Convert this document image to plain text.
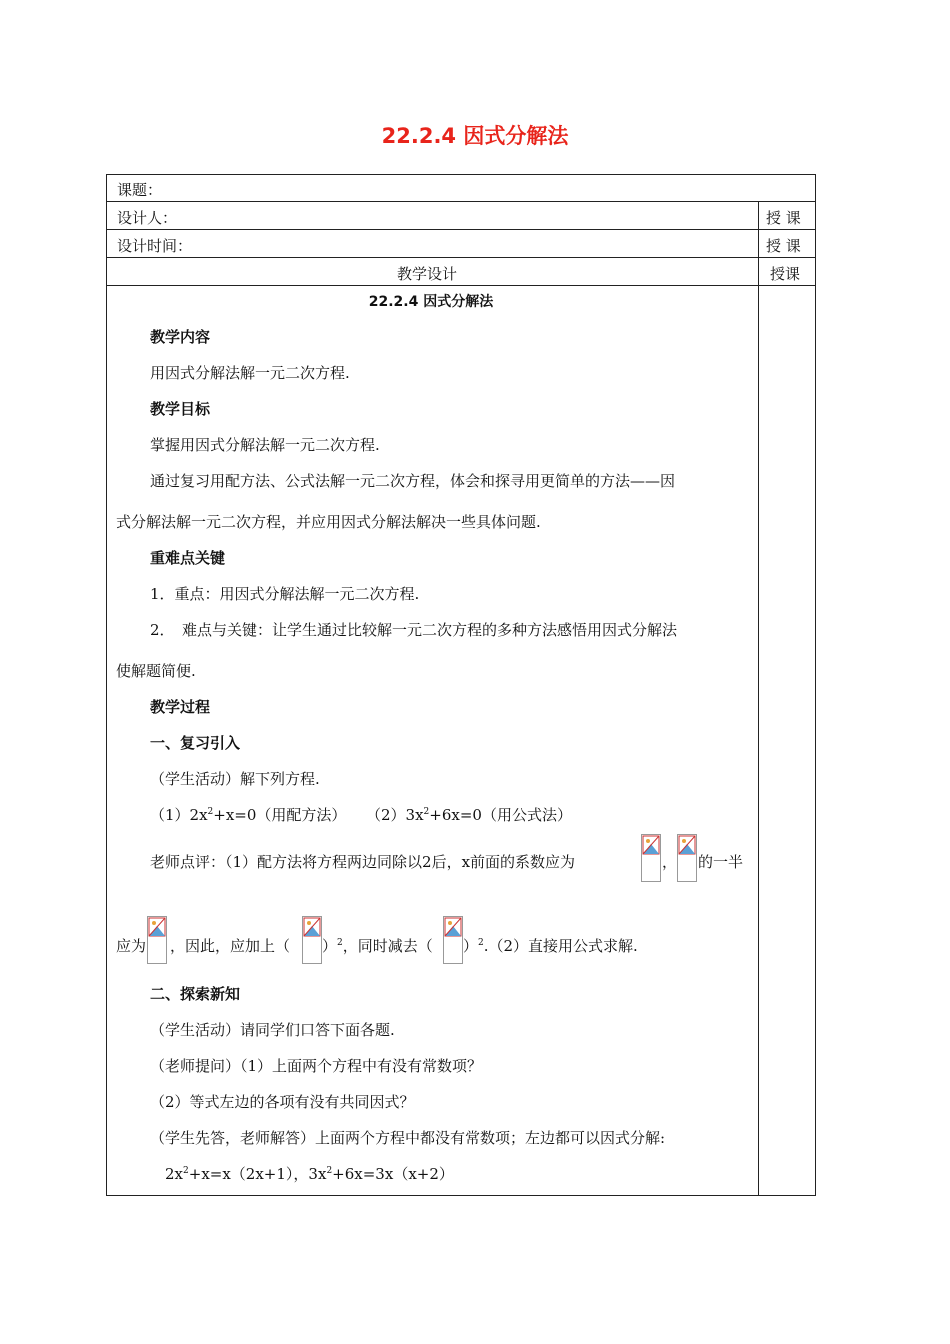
22.2.4 因式分解法
课题：
设计人：	授 课
设计时间：	授 课
教学设计	授课
22.2.4 因式分解法
教学内容
用因式分解法解一元二次方程.
教学目标
掌握用因式分解法解一元二次方程.
通过复习用配方法、公式法解一元二次方程，体会和探寻用更简单的方法——因
式分解法解一元二次方程，并应用因式分解法解决一些具体问题.
重难点关键
1．重点：用因式分解法解一元二次方程.
2．　难点与关键：让学生通过比较解一元二次方程的多种方法感悟用因式分解法
使解题简便.
教学过程
一、复习引入
（学生活动）解下列方程.
$(1)2x^2+x=0$（用配方法） $(2)3x^2+6x=0$（用公式法）
老师点评：（1）配方法将方程两边同除以2后，x前面的系数应为	， 的一半
应为 ，因此，应加上（ ）$^2$，同时减去（ ）$^2$.（2）直接用公式求解.
二、探索新知
（学生活动）请同学们口答下面各题.
（老师提问）（1）上面两个方程中有没有常数项？
（2）等式左边的各项有没有共同因式？
（学生先答，老师解答）上面两个方程中都没有常数项；左边都可以因式分解:
$2x^2+x=x(2x+1)$，$3x^2+6x=3x(x+2)$
